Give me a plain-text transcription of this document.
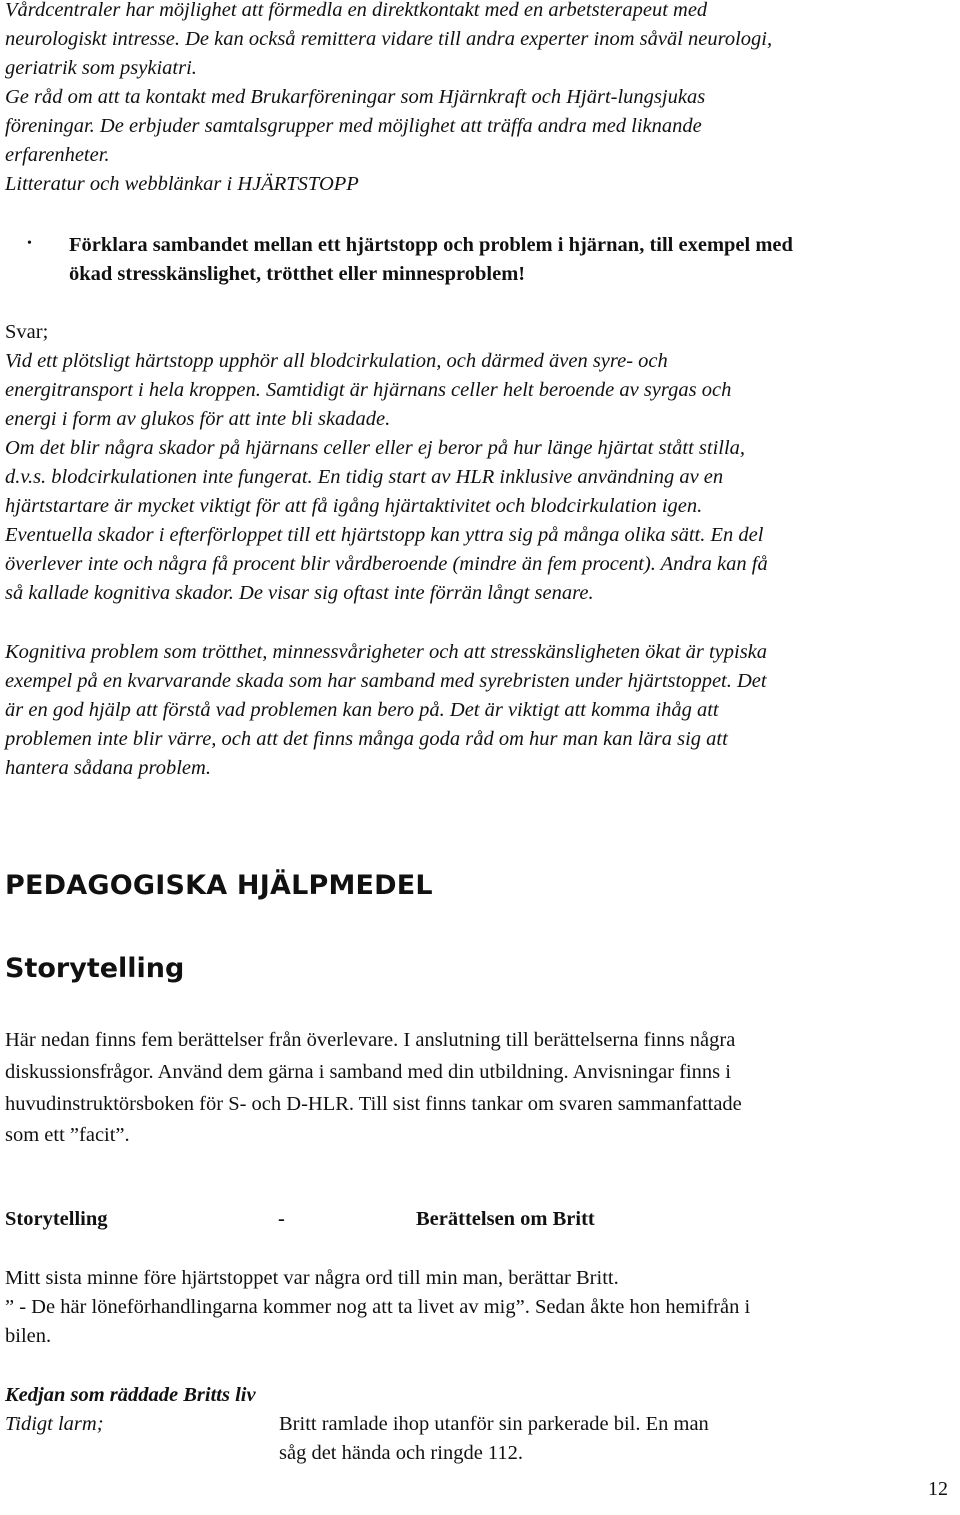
Vårdcentraler har möjlighet att förmedla en direktkontakt med en arbetsterapeut med
neurologiskt intresse. De kan också remittera vidare till andra experter inom såväl neurologi,
geriatrik som psykiatri.
Ge råd om att ta kontakt med Brukarföreningar som Hjärnkraft och Hjärt-lungsjukas
föreningar. De erbjuder samtalsgrupper med möjlighet att träffa andra med liknande
erfarenheter.
Litteratur och webblänkar i HJÄRTSTOPP
• Förklara sambandet mellan ett hjärtstopp och problem i hjärnan, till exempel med
ökad stresskänslighet, trötthet eller minnesproblem!
Svar;
Vid ett plötsligt härtstopp upphör all blodcirkulation, och därmed även syre- och
energitransport i hela kroppen. Samtidigt är hjärnans celler helt beroende av syrgas och
energi i form av glukos för att inte bli skadade.
Om det blir några skador på hjärnans celler eller ej beror på hur länge hjärtat stått stilla,
d.v.s. blodcirkulationen inte fungerat. En tidig start av HLR inklusive användning av en
hjärtstartare är mycket viktigt för att få igång hjärtaktivitet och blodcirkulation igen.
Eventuella skador i efterförloppet till ett hjärtstopp kan yttra sig på många olika sätt. En del
överlever inte och några få procent blir vårdberoende (mindre än fem procent). Andra kan få
så kallade kognitiva skador. De visar sig oftast inte förrän långt senare.
Kognitiva problem som trötthet, minnessvårigheter och att stresskänsligheten ökat är typiska
exempel på en kvarvarande skada som har samband med syrebristen under hjärtstoppet. Det
är en god hjälp att förstå vad problemen kan bero på. Det är viktigt att komma ihåg att
problemen inte blir värre, och att det finns många goda råd om hur man kan lära sig att
hantera sådana problem.
PEDAGOGISKA HJÄLPMEDEL
Storytelling
Här nedan finns fem berättelser från överlevare. I anslutning till berättelserna finns några
diskussionsfrågor. Använd dem gärna i samband med din utbildning. Anvisningar finns i
huvudinstruktörsboken för S- och D-HLR. Till sist finns tankar om svaren sammanfattade
som ett ”facit”.
Storytelling	-	Berättelsen om Britt
Mitt sista minne före hjärtstoppet var några ord till min man, berättar Britt.
” - De här löneförhandlingarna kommer nog att ta livet av mig”. Sedan åkte hon hemifrån i
bilen.
Kedjan som räddade Britts liv
Tidigt larm;	Britt ramlade ihop utanför sin parkerade bil. En man
såg det hända och ringde 112.
12
